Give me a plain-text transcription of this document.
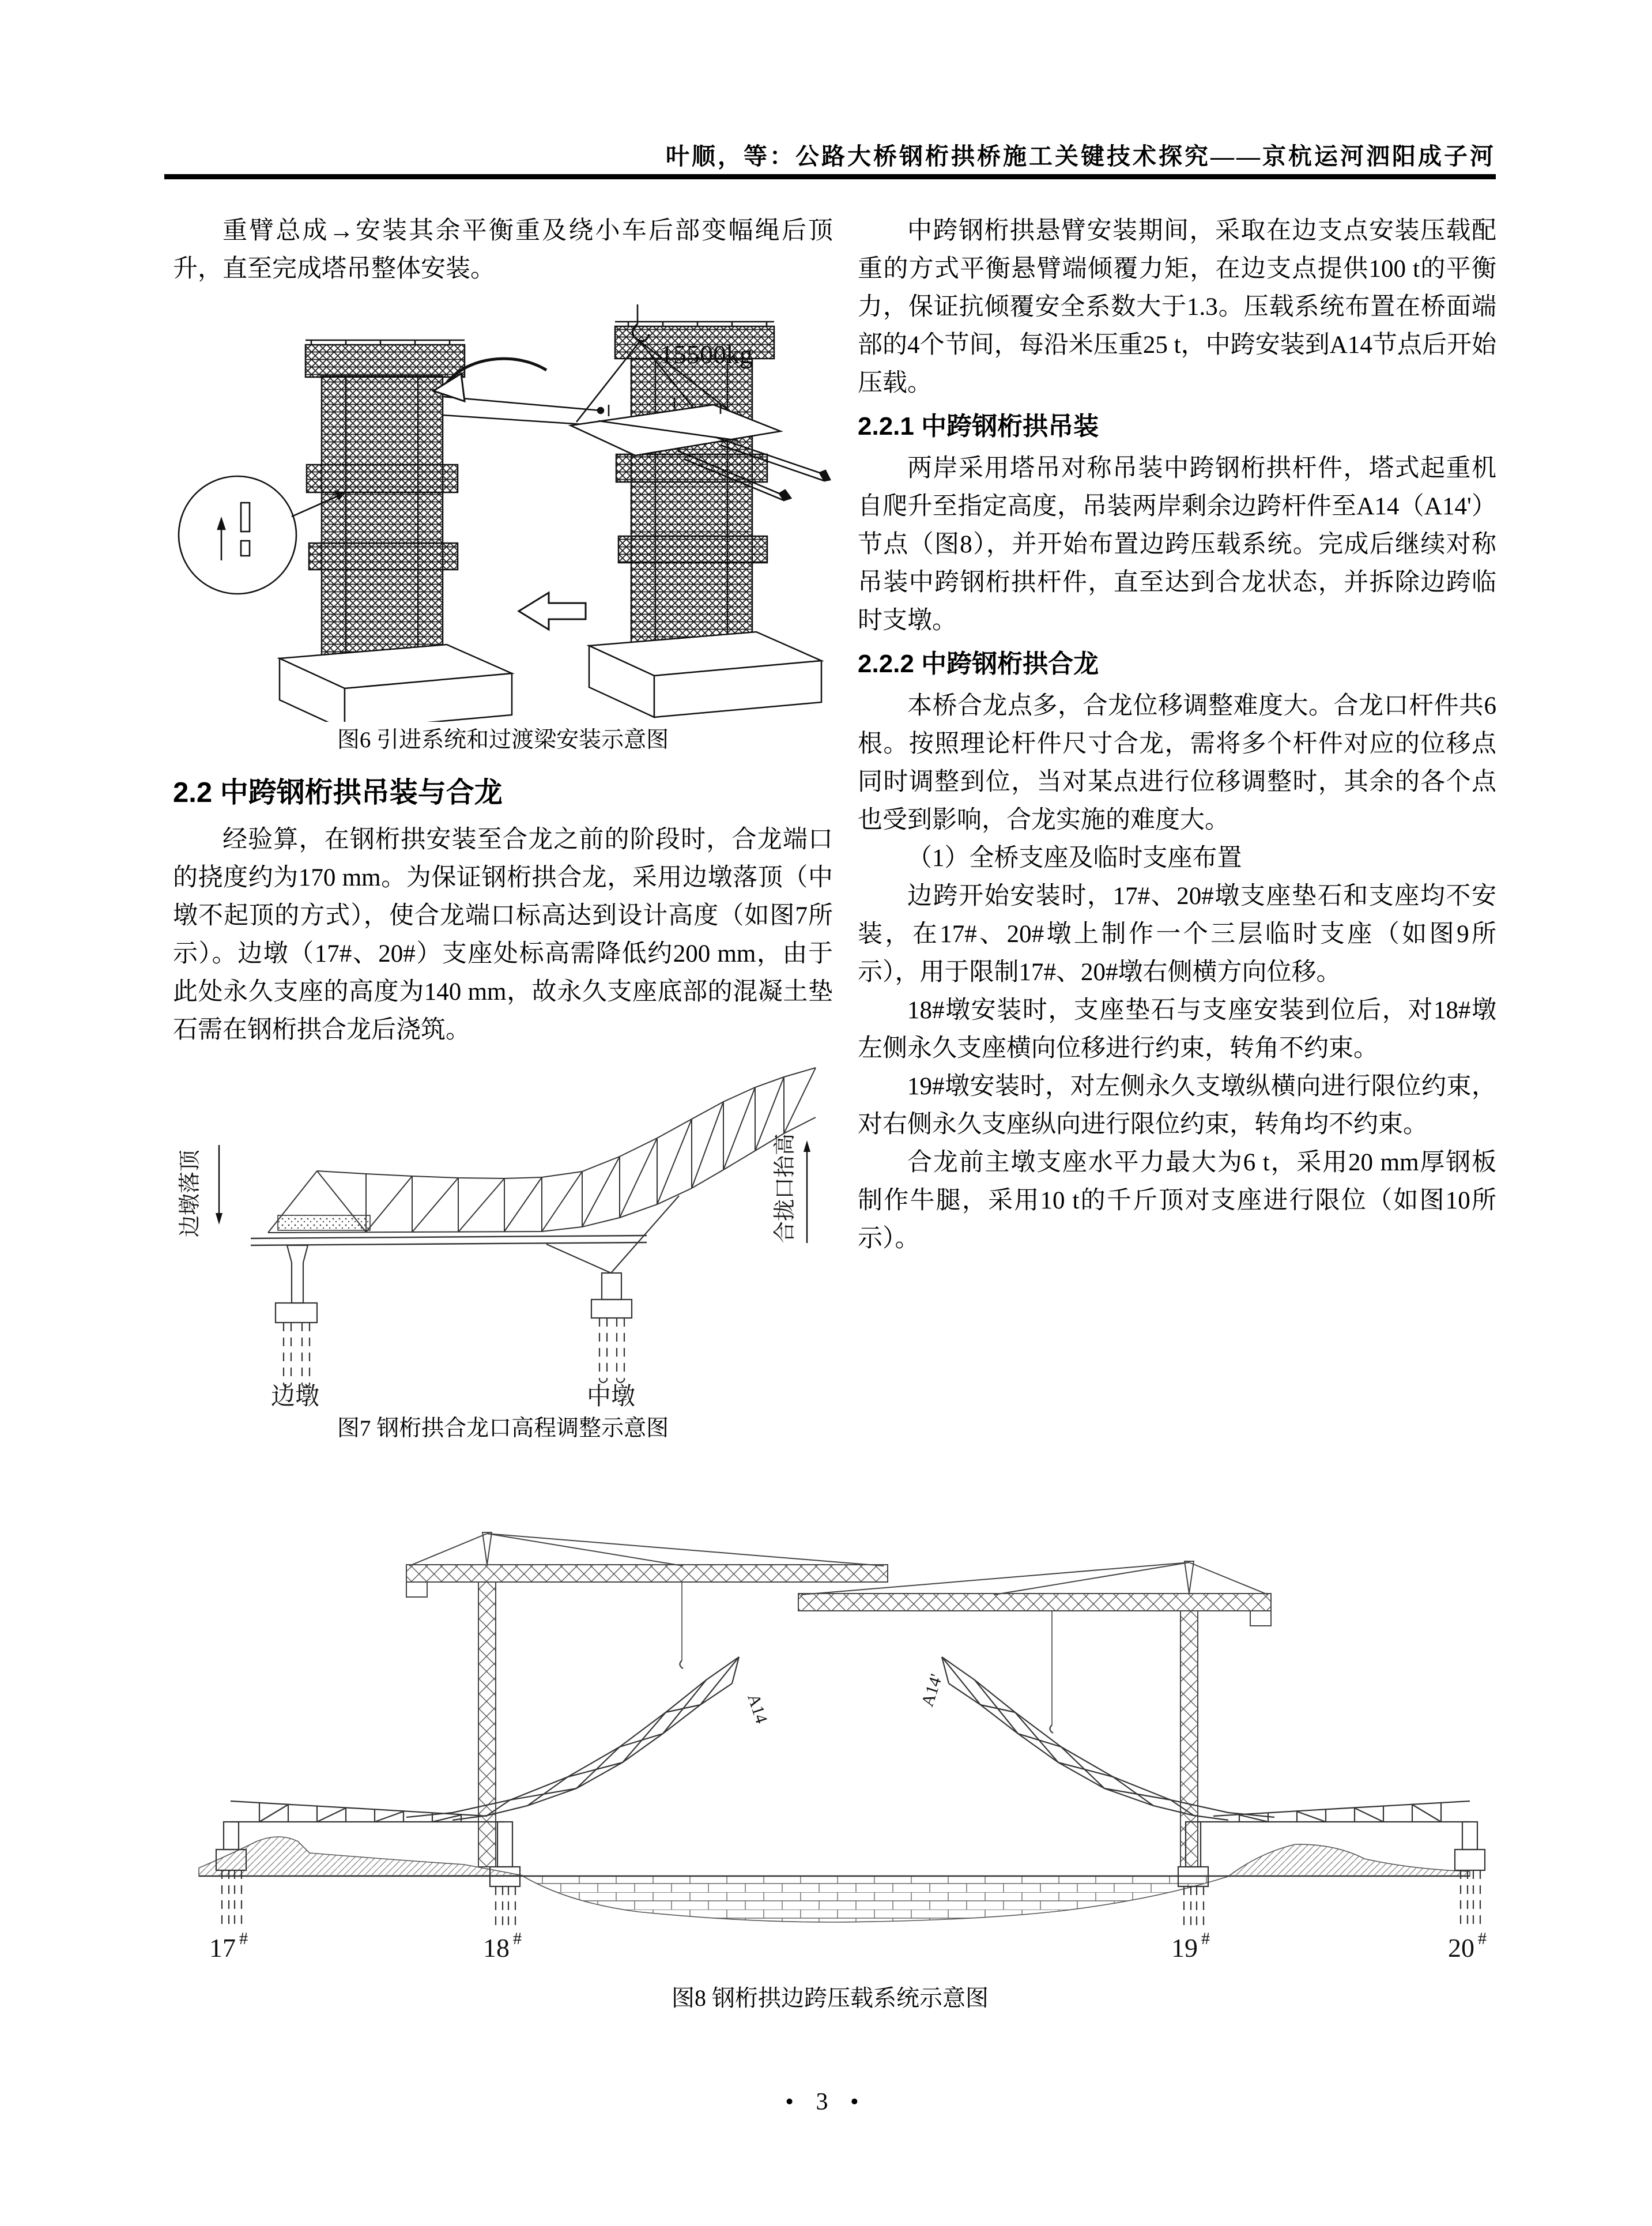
叶顺，等：公路大桥钢桁拱桥施工关键技术探究——京杭运河泗阳成子河

重臂总成→安装其余平衡重及绕小车后部变幅绳后顶升，直至完成塔吊整体安装。

15500kg
图6 引进系统和过渡梁安装示意图
2.2 中跨钢桁拱吊装与合龙

经验算，在钢桁拱安装至合龙之前的阶段时，合龙端口的挠度约为170 mm。为保证钢桁拱合龙，采用边墩落顶（中墩不起顶的方式），使合龙端口标高达到设计高度（如图7所示）。边墩（17#、20#）支座处标高需降低约200 mm，由于此处永久支座的高度为140 mm，故永久支座底部的混凝土垫石需在钢桁拱合龙后浇筑。

边墩落顶	合拢口抬高
边墩	中墩
图7 钢桁拱合龙口高程调整示意图

中跨钢桁拱悬臂安装期间，采取在边支点安装压载配重的方式平衡悬臂端倾覆力矩，在边支点提供100 t的平衡力，保证抗倾覆安全系数大于1.3。压载系统布置在桥面端部的4个节间，每沿米压重25 t，中跨安装到A14节点后开始压载。

2.2.1 中跨钢桁拱吊装

两岸采用塔吊对称吊装中跨钢桁拱杆件，塔式起重机自爬升至指定高度，吊装两岸剩余边跨杆件至A14（A14'）节点（图8），并开始布置边跨压载系统。完成后继续对称吊装中跨钢桁拱杆件，直至达到合龙状态，并拆除边跨临时支墩。

2.2.2 中跨钢桁拱合龙

本桥合龙点多，合龙位移调整难度大。合龙口杆件共6根。按照理论杆件尺寸合龙，需将多个杆件对应的位移点同时调整到位，当对某点进行位移调整时，其余的各个点也受到影响，合龙实施的难度大。

（1）全桥支座及临时支座布置

边跨开始安装时，17#、20#墩支座垫石和支座均不安装，在17#、20#墩上制作一个三层临时支座（如图9所示），用于限制17#、20#墩右侧横方向位移。

18#墩安装时，支座垫石与支座安装到位后，对18#墩左侧永久支座横向位移进行约束，转角不约束。

19#墩安装时，对左侧永久支墩纵横向进行限位约束，对右侧永久支座纵向进行限位约束，转角均不约束。

合龙前主墩支座水平力最大为6 t，采用20 mm厚钢板制作牛腿，采用10 t的千斤顶对支座进行限位（如图10所示）。

A14	A14'
17 #	18 #	19 #	20 #
图8 钢桁拱边跨压载系统示意图
• 3 •
